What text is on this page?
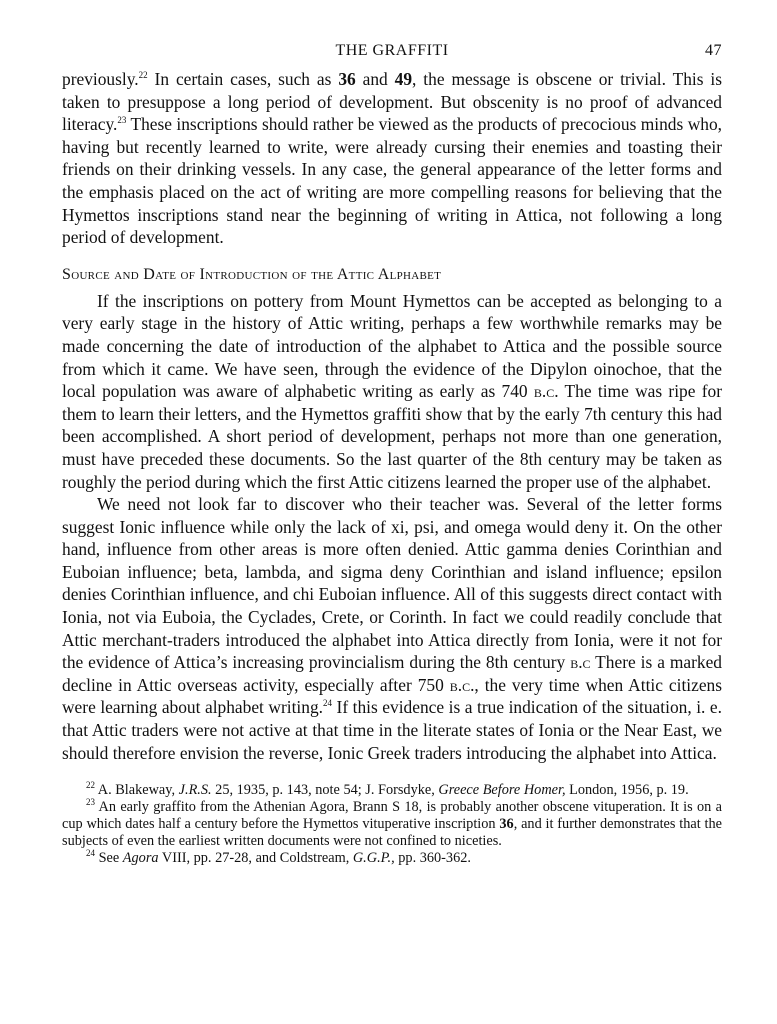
THE GRAFFITI	47

previously.$^{22}$ In certain cases, such as 36 and 49, the message is obscene or trivial. This is taken to presuppose a long period of development. But obscenity is no proof of advanced literacy.$^{23}$ These inscriptions should rather be viewed as the products of precocious minds who, having but recently learned to write, were already cursing their enemies and toasting their friends on their drinking vessels. In any case, the general appearance of the letter forms and the emphasis placed on the act of writing are more compelling reasons for believing that the Hymettos inscriptions stand near the beginning of writing in Attica, not following a long period of development.

Source and Date of Introduction of the Attic Alphabet

If the inscriptions on pottery from Mount Hymettos can be accepted as belonging to a very early stage in the history of Attic writing, perhaps a few worthwhile remarks may be made concerning the date of introduction of the alphabet to Attica and the possible source from which it came. We have seen, through the evidence of the Dipylon oinochoe, that the local population was aware of alphabetic writing as early as 740 b.c. The time was ripe for them to learn their letters, and the Hymettos graffiti show that by the early 7th century this had been accomplished. A short period of development, perhaps not more than one generation, must have preceded these documents. So the last quarter of the 8th century may be taken as roughly the period during which the first Attic citizens learned the proper use of the alphabet.

We need not look far to discover who their teacher was. Several of the letter forms suggest Ionic influence while only the lack of xi, psi, and omega would deny it. On the other hand, influence from other areas is more often denied. Attic gamma denies Corinthian and Euboian influence; beta, lambda, and sigma deny Corinthian and island influence; epsilon denies Corinthian influence, and chi Euboian influence. All of this suggests direct contact with Ionia, not via Euboia, the Cyclades, Crete, or Corinth. In fact we could readily conclude that Attic merchant-traders introduced the alphabet into Attica directly from Ionia, were it not for the evidence of Attica’s increasing provincialism during the 8th century b.c There is a marked decline in Attic overseas activity, especially after 750 b.c., the very time when Attic citizens were learning about alphabet writing.$^{24}$ If this evidence is a true indication of the situation, i. e. that Attic traders were not active at that time in the literate states of Ionia or the Near East, we should therefore envision the reverse, Ionic Greek traders introducing the alphabet into Attica.

$^{22}$ A. Blakeway, J.R.S. 25, 1935, p. 143, note 54; J. Forsdyke, Greece Before Homer, London, 1956, p. 19.

$^{23}$ An early graffito from the Athenian Agora, Brann S 18, is probably another obscene vituperation. It is on a cup which dates half a century before the Hymettos vituperative inscription 36, and it further demonstrates that the subjects of even the earliest written documents were not confined to niceties.

$^{24}$ See Agora VIII, pp. 27-28, and Coldstream, G.G.P., pp. 360-362.
